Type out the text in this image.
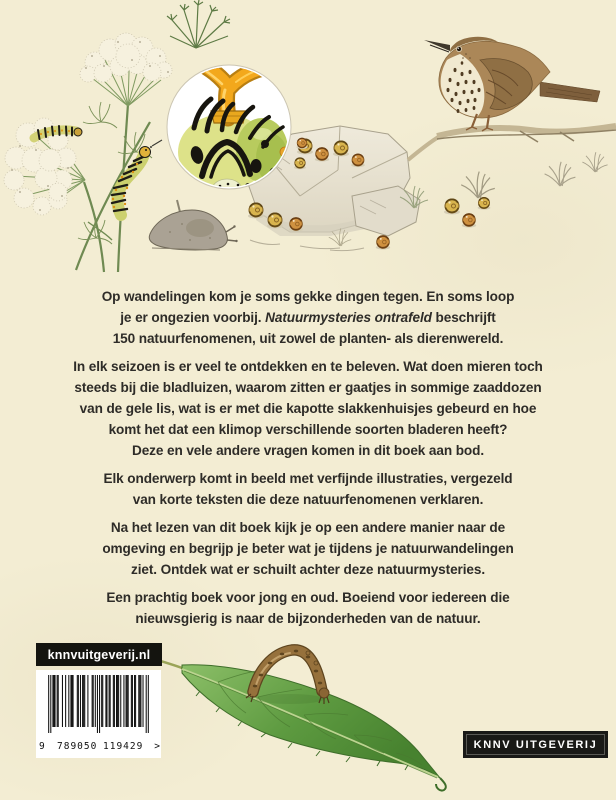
Op wandelingen kom je soms gekke dingen tegen. En soms loop
je er ongezien voorbij. Natuurmysteries ontrafeld beschrijft
150 natuurfenomenen, uit zowel de planten- als dierenwereld.

In elk seizoen is er veel te ontdekken en te beleven. Wat doen mieren toch
steeds bij die bladluizen, waarom zitten er gaatjes in sommige zaaddozen
van de gele lis, wat is er met die kapotte slakkenhuisjes gebeurd en hoe
komt het dat een klimop verschillende soorten bladeren heeft?
Deze en vele andere vragen komen in dit boek aan bod.

Elk onderwerp komt in beeld met verfijnde illustraties, vergezeld
van korte teksten die deze natuurfenomenen verklaren.

Na het lezen van dit boek kijk je op een andere manier naar de
omgeving en begrijp je beter wat je tijdens je natuurwandelingen
ziet. Ontdek wat er schuilt achter deze natuurmysteries.

Een prachtig boek voor jong en oud. Boeiend voor iedereen die
nieuwsgierig is naar de bijzonderheden van de natuur.

knnvuitgeverij.nl
9 789050 119429 >	KNNV UITGEVERIJ
